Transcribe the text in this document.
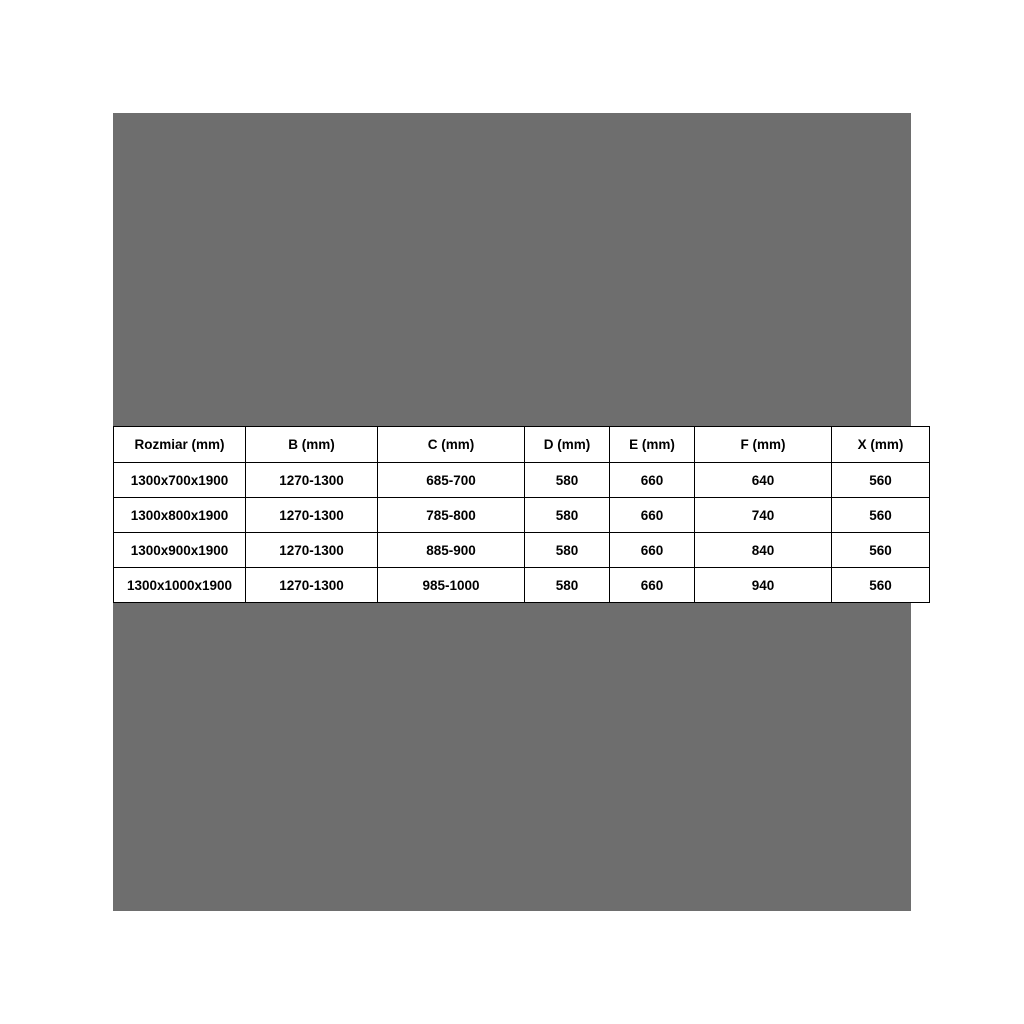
Rozmiar (mm)	B (mm)	C (mm)	D (mm)	E (mm)	F (mm)	X (mm)
1300x700x1900	1270-1300	685-700	580	660	640	560
1300x800x1900	1270-1300	785-800	580	660	740	560
1300x900x1900	1270-1300	885-900	580	660	840	560
1300x1000x1900	1270-1300	985-1000	580	660	940	560
